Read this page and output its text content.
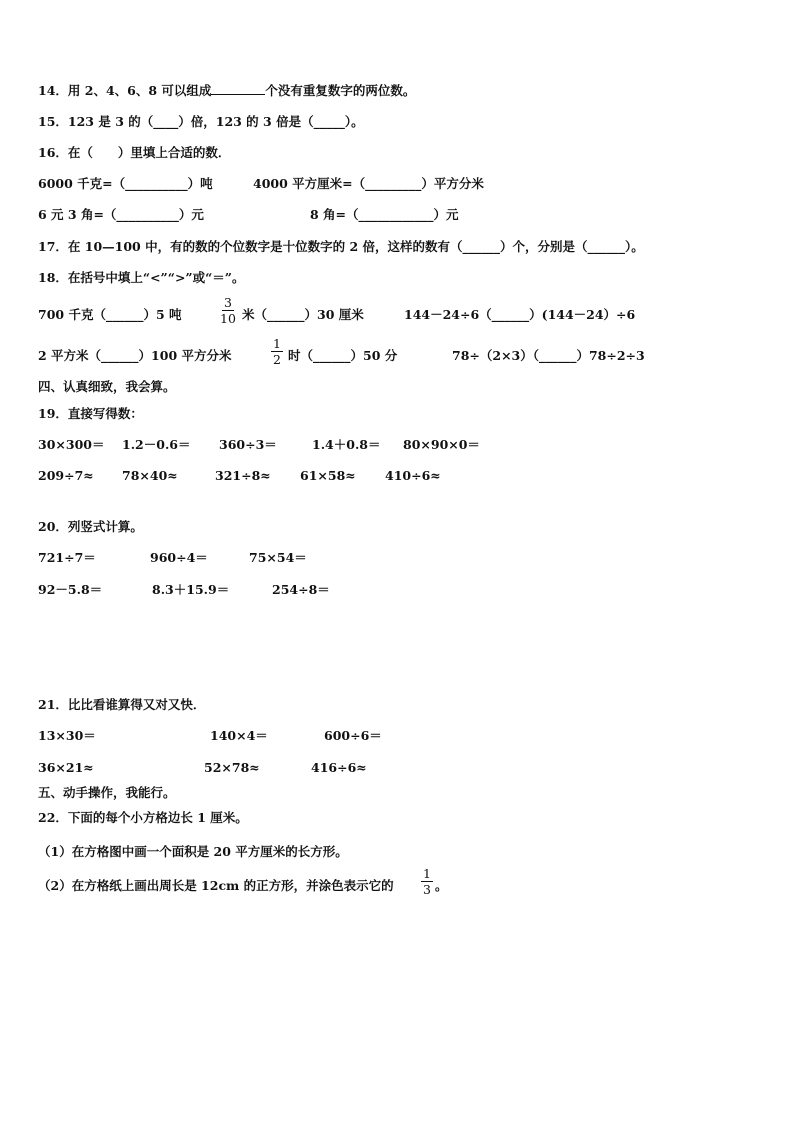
14．用 2、4、6、8 可以组成	个没有重复数字的两位数。
15．123 是 3 的（____）倍，123 的 3 倍是（_____）。
16．在（　　）里填上合适的数．
6000 千克=（__________）吨	4000 平方厘米=（_________）平方分米
6 元 3 角=（__________）元	8 角=（____________）元
17．在 10—100 中，有的数的个位数字是十位数字的 2 倍，这样的数有（______）个，分别是（______）。
18．在括号中填上“<”“>”或“＝”。
700 千克（______）5 吨	$\frac{3}{10}$ 米（______）30 厘米	144－24÷6（______）(144－24）÷6
2 平方米（______）100 平方分米	$\frac{1}{2}$ 时（______）50 分	78÷（2×3）（______）78÷2÷3
四、认真细致，我会算。
19．直接写得数：
30×300＝ 1.2－0.6＝ 360÷3＝	1.4＋0.8＝ 80×90×0＝
209÷7≈ 78×40≈	321÷8≈ 61×58≈ 410÷6≈
20．列竖式计算。
721÷7＝	960÷4＝	75×54＝
92－5.8＝	8.3＋15.9＝	254÷8＝
21．比比看谁算得又对又快．
13×30＝	140×4＝	600÷6＝
36×21≈	52×78≈	416÷6≈
五、动手操作，我能行。
22．下面的每个小方格边长 1 厘米。
（1）在方格图中画一个面积是 20 平方厘米的长方形。
（2）在方格纸上画出周长是 12cm 的正方形，并涂色表示它的 $\frac{1}{3}$ 。
